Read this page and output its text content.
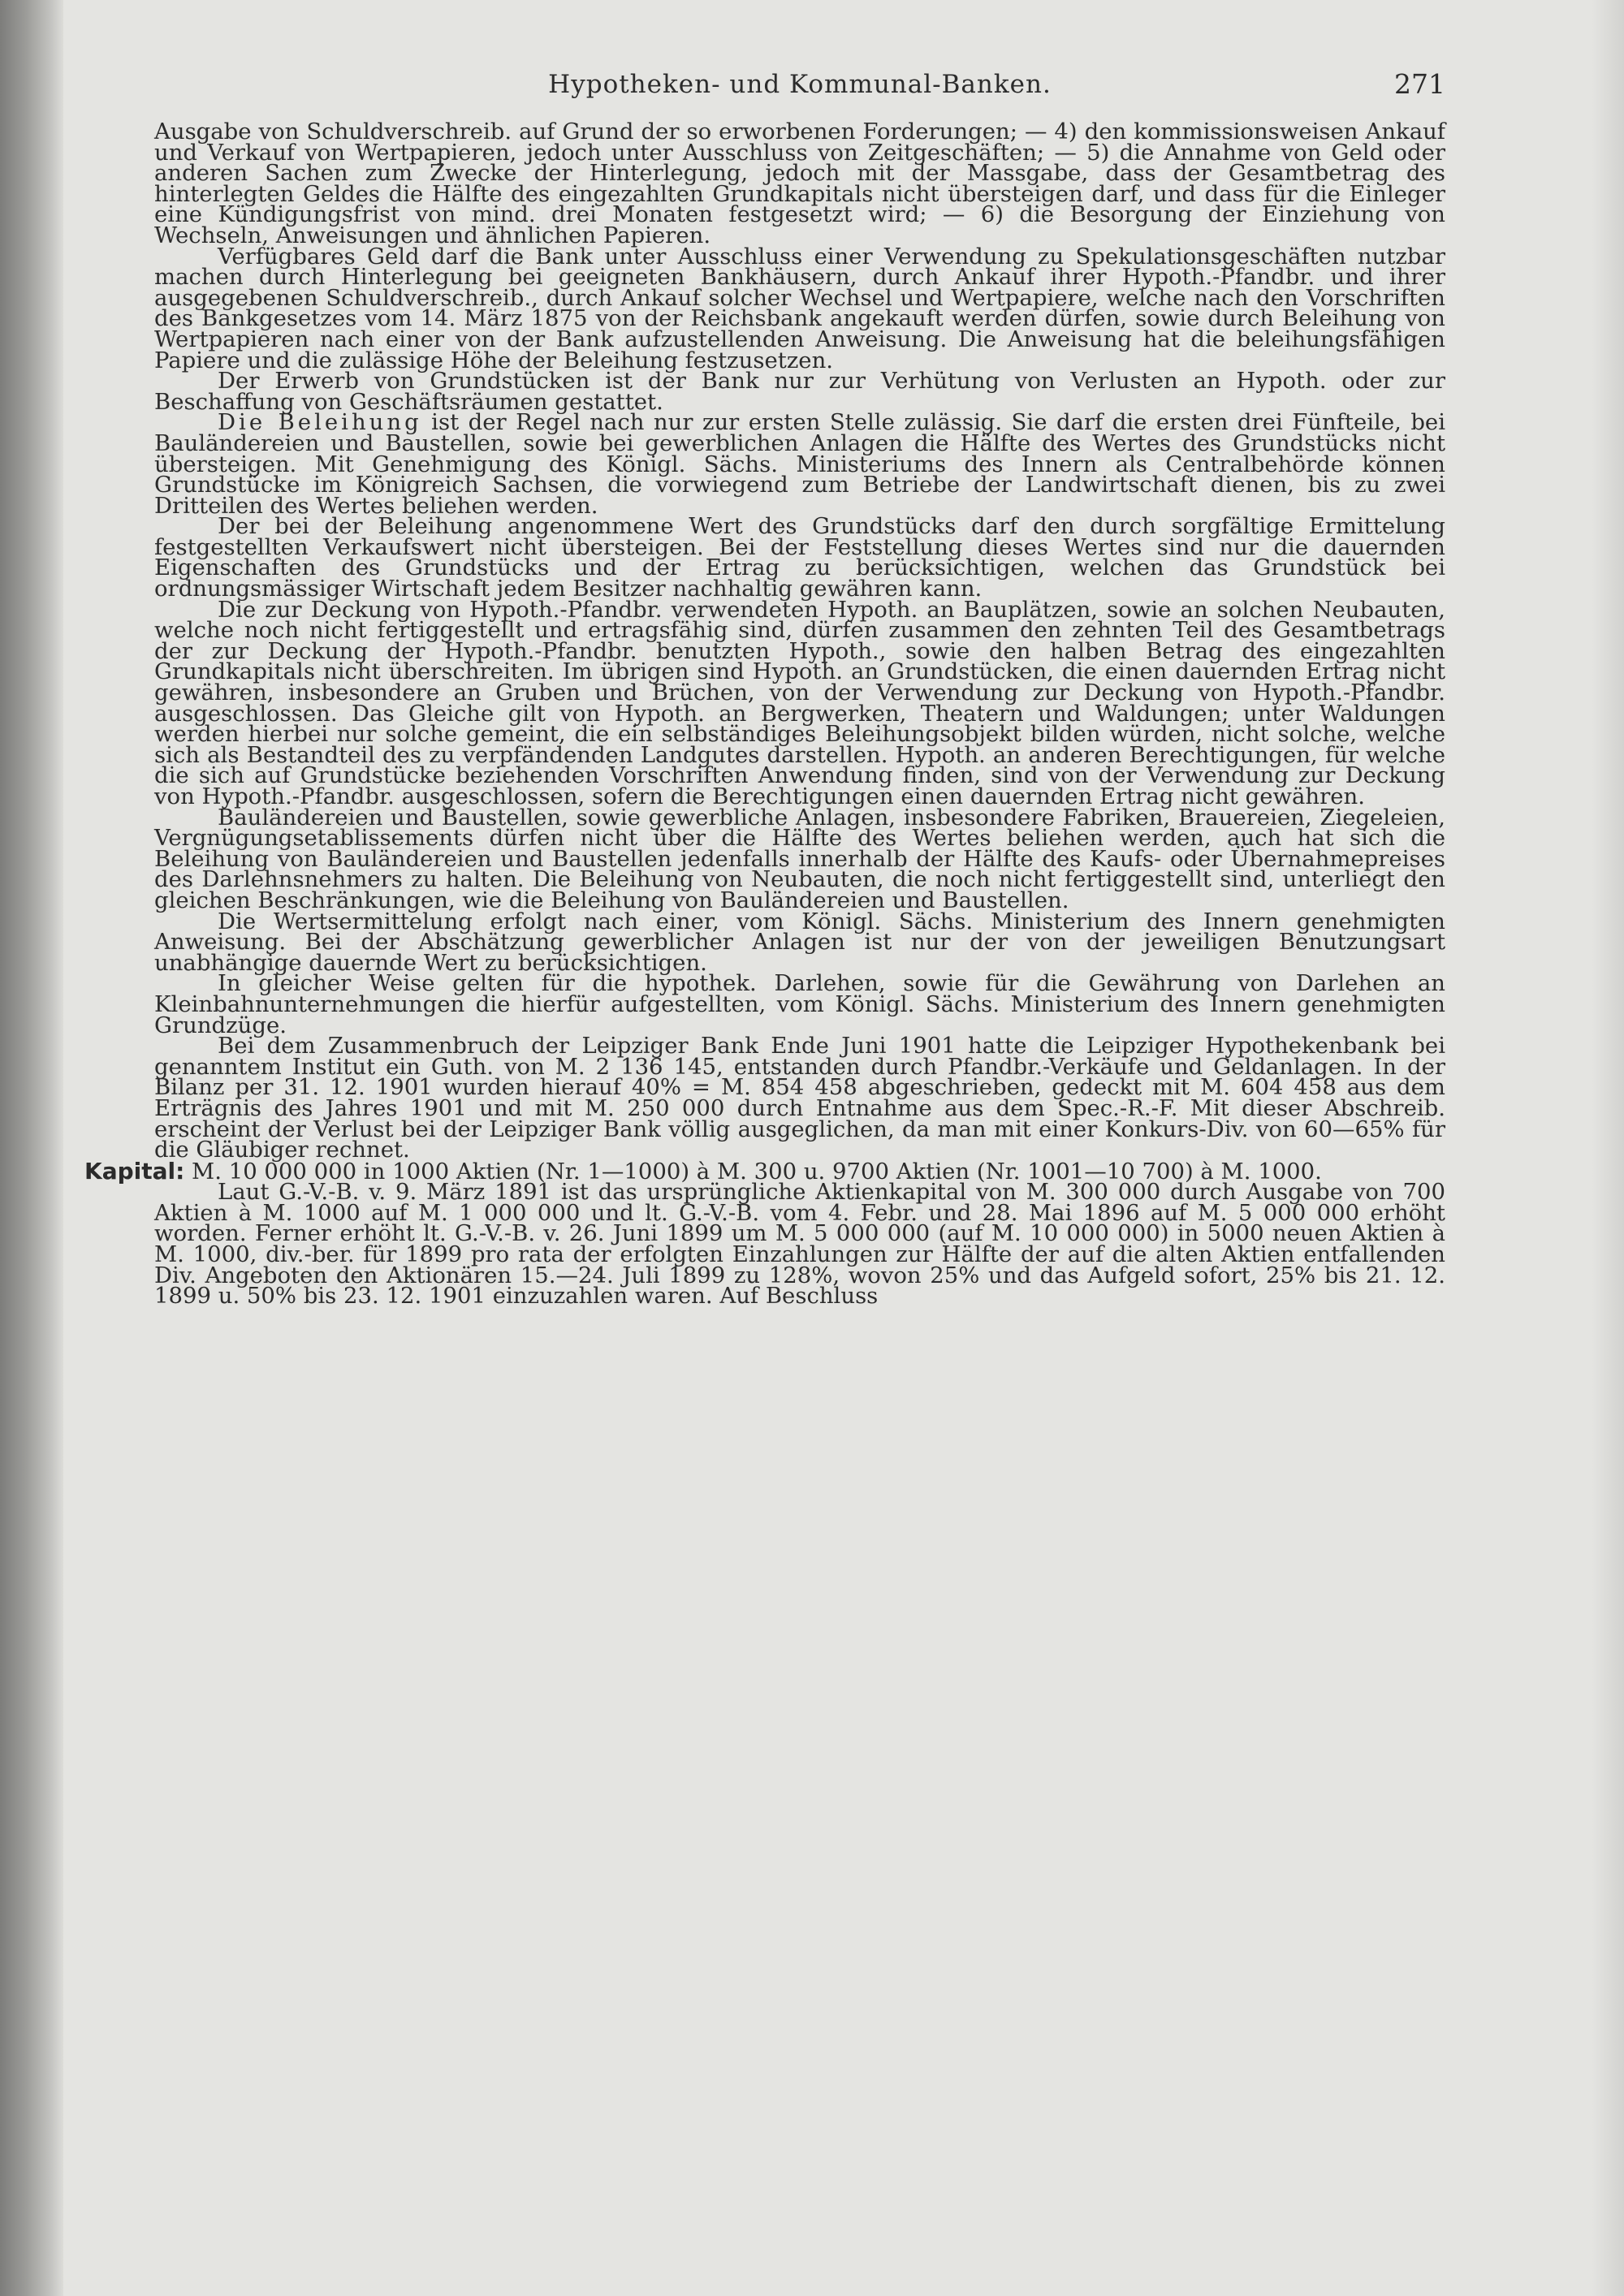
Hypotheken- und Kommunal-Banken.	271

Ausgabe von Schuldverschreib. auf Grund der so erworbenen Forderungen; — 4) den kommissionsweisen Ankauf und Verkauf von Wertpapieren, jedoch unter Ausschluss von Zeitgeschäften; — 5) die Annahme von Geld oder anderen Sachen zum Zwecke der Hinterlegung, jedoch mit der Massgabe, dass der Gesamtbetrag des hinterlegten Geldes die Hälfte des eingezahlten Grundkapitals nicht übersteigen darf, und dass für die Einleger eine Kündigungsfrist von mind. drei Monaten festgesetzt wird; — 6) die Besorgung der Einziehung von Wechseln, Anweisungen und ähnlichen Papieren.

Verfügbares Geld darf die Bank unter Ausschluss einer Verwendung zu Spekulationsgeschäften nutzbar machen durch Hinterlegung bei geeigneten Bankhäusern, durch Ankauf ihrer Hypoth.-Pfandbr. und ihrer ausgegebenen Schuldverschreib., durch Ankauf solcher Wechsel und Wertpapiere, welche nach den Vorschriften des Bankgesetzes vom 14. März 1875 von der Reichsbank angekauft werden dürfen, sowie durch Beleihung von Wertpapieren nach einer von der Bank aufzustellenden Anweisung. Die Anweisung hat die beleihungsfähigen Papiere und die zulässige Höhe der Beleihung festzusetzen.

Der Erwerb von Grundstücken ist der Bank nur zur Verhütung von Verlusten an Hypoth. oder zur Beschaffung von Geschäftsräumen gestattet.

Die Beleihung ist der Regel nach nur zur ersten Stelle zulässig. Sie darf die ersten drei Fünfteile, bei Bauländereien und Baustellen, sowie bei gewerblichen Anlagen die Hälfte des Wertes des Grundstücks nicht übersteigen. Mit Genehmigung des Königl. Sächs. Ministeriums des Innern als Centralbehörde können Grundstücke im Königreich Sachsen, die vorwiegend zum Betriebe der Landwirtschaft dienen, bis zu zwei Dritteilen des Wertes beliehen werden.

Der bei der Beleihung angenommene Wert des Grundstücks darf den durch sorgfältige Ermittelung festgestellten Verkaufswert nicht übersteigen. Bei der Feststellung dieses Wertes sind nur die dauernden Eigenschaften des Grundstücks und der Ertrag zu berücksichtigen, welchen das Grundstück bei ordnungsmässiger Wirtschaft jedem Besitzer nachhaltig gewähren kann.

Die zur Deckung von Hypoth.-Pfandbr. verwendeten Hypoth. an Bauplätzen, sowie an solchen Neubauten, welche noch nicht fertiggestellt und ertragsfähig sind, dürfen zusammen den zehnten Teil des Gesamtbetrags der zur Deckung der Hypoth.-Pfandbr. benutzten Hypoth., sowie den halben Betrag des eingezahlten Grundkapitals nicht überschreiten. Im übrigen sind Hypoth. an Grundstücken, die einen dauernden Ertrag nicht gewähren, insbesondere an Gruben und Brüchen, von der Verwendung zur Deckung von Hypoth.-Pfandbr. ausgeschlossen. Das Gleiche gilt von Hypoth. an Bergwerken, Theatern und Waldungen; unter Waldungen werden hierbei nur solche gemeint, die ein selbständiges Beleihungsobjekt bilden würden, nicht solche, welche sich als Bestandteil des zu verpfändenden Landgutes darstellen. Hypoth. an anderen Berechtigungen, für welche die sich auf Grundstücke beziehenden Vorschriften Anwendung finden, sind von der Verwendung zur Deckung von Hypoth.-Pfandbr. ausgeschlossen, sofern die Berechtigungen einen dauernden Ertrag nicht gewähren.

Bauländereien und Baustellen, sowie gewerbliche Anlagen, insbesondere Fabriken, Brauereien, Ziegeleien, Vergnügungsetablissements dürfen nicht über die Hälfte des Wertes beliehen werden, auch hat sich die Beleihung von Bauländereien und Baustellen jedenfalls innerhalb der Hälfte des Kaufs- oder Übernahmepreises des Darlehnsnehmers zu halten. Die Beleihung von Neubauten, die noch nicht fertiggestellt sind, unterliegt den gleichen Beschränkungen, wie die Beleihung von Bauländereien und Baustellen.

Die Wertsermittelung erfolgt nach einer, vom Königl. Sächs. Ministerium des Innern genehmigten Anweisung. Bei der Abschätzung gewerblicher Anlagen ist nur der von der jeweiligen Benutzungsart unabhängige dauernde Wert zu berücksichtigen.

In gleicher Weise gelten für die hypothek. Darlehen, sowie für die Gewährung von Darlehen an Kleinbahnunternehmungen die hierfür aufgestellten, vom Königl. Sächs. Ministerium des Innern genehmigten Grundzüge.

Bei dem Zusammenbruch der Leipziger Bank Ende Juni 1901 hatte die Leipziger Hypothekenbank bei genanntem Institut ein Guth. von M. 2 136 145, entstanden durch Pfandbr.-Verkäufe und Geldanlagen. In der Bilanz per 31. 12. 1901 wurden hierauf 40% = M. 854 458 abgeschrieben, gedeckt mit M. 604 458 aus dem Erträgnis des Jahres 1901 und mit M. 250 000 durch Entnahme aus dem Spec.-R.-F. Mit dieser Abschreib. erscheint der Verlust bei der Leipziger Bank völlig ausgeglichen, da man mit einer Konkurs-Div. von 60—65% für die Gläubiger rechnet.

Kapital: M. 10 000 000 in 1000 Aktien (Nr. 1—1000) à M. 300 u. 9700 Aktien (Nr. 1001—10 700) à M. 1000.

Laut G.-V.-B. v. 9. März 1891 ist das ursprüngliche Aktienkapital von M. 300 000 durch Ausgabe von 700 Aktien à M. 1000 auf M. 1 000 000 und lt. G.-V.-B. vom 4. Febr. und 28. Mai 1896 auf M. 5 000 000 erhöht worden. Ferner erhöht lt. G.-V.-B. v. 26. Juni 1899 um M. 5 000 000 (auf M. 10 000 000) in 5000 neuen Aktien à M. 1000, div.-ber. für 1899 pro rata der erfolgten Einzahlungen zur Hälfte der auf die alten Aktien entfallenden Div. Angeboten den Aktionären 15.—24. Juli 1899 zu 128%, wovon 25% und das Aufgeld sofort, 25% bis 21. 12. 1899 u. 50% bis 23. 12. 1901 einzuzahlen waren. Auf Beschluss
